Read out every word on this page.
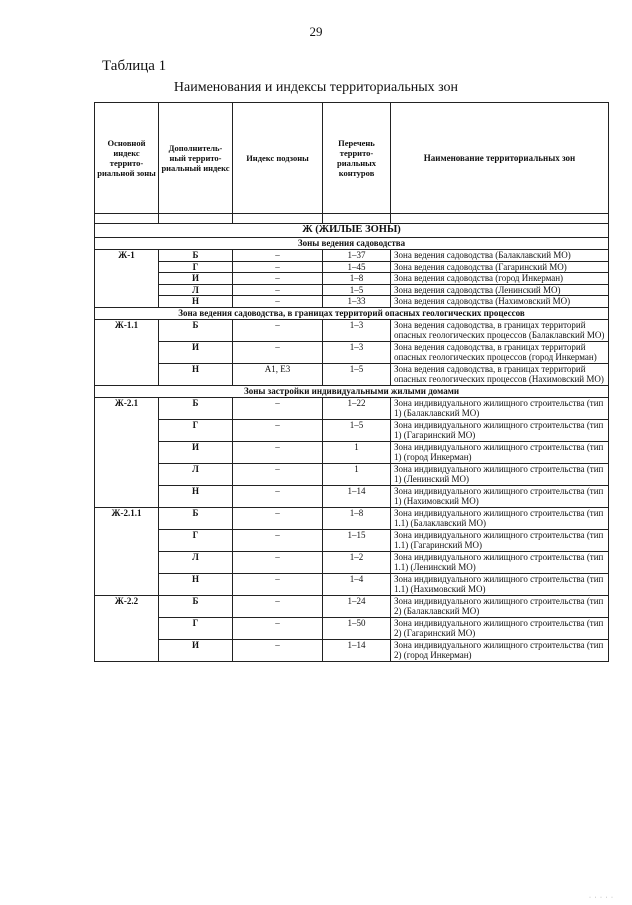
29
Таблица 1
Наименования и индексы территориальных зон
Основной индекс террито-риальной зоны	Дополнитель-ный террито-риальный индекс	Индекс подзоны	Перечень террито-риальных контуров	Наименование территориальных зон

Ж (ЖИЛЫЕ ЗОНЫ)				
Зоны ведения садоводства				
Ж-1	Б	–	1–37	Зона ведения садоводства (Балаклавский МО)
	Г	–	1–45	Зона ведения садоводства (Гагаринский МО)
	И	–	1–8	Зона ведения садоводства (город Инкерман)
	Л	–	1–5	Зона ведения садоводства (Ленинский МО)
	Н	–	1–33	Зона ведения садоводства (Нахимовский МО)
Зона ведения садоводства, в границах территорий опасных геологических процессов				
Ж-1.1	Б	–	1–3	Зона ведения садоводства, в границах территорий опасных геологических процессов (Балаклавский МО)
	И	–	1–3	Зона ведения садоводства, в границах территорий опасных геологических процессов (город Инкерман)
	Н	А1, Е3	1–5	Зона ведения садоводства, в границах территорий опасных геологических процессов (Нахимовский МО)
Зоны застройки индивидуальными жилыми домами				
Ж-2.1	Б	–	1–22	Зона индивидуального жилищного строительства (тип 1) (Балаклавский МО)
	Г	–	1–5	Зона индивидуального жилищного строительства (тип 1) (Гагаринский МО)
	И	–	1	Зона индивидуального жилищного строительства (тип 1) (город Инкерман)
	Л	–	1	Зона индивидуального жилищного строительства (тип 1) (Ленинский МО)
	Н	–	1–14	Зона индивидуального жилищного строительства (тип 1) (Нахимовский МО)
Ж-2.1.1	Б	–	1–8	Зона индивидуального жилищного строительства (тип 1.1) (Балаклавский МО)
	Г	–	1–15	Зона индивидуального жилищного строительства (тип 1.1) (Гагаринский МО)
	Л	–	1–2	Зона индивидуального жилищного строительства (тип 1.1) (Ленинский МО)
	Н	–	1–4	Зона индивидуального жилищного строительства (тип 1.1) (Нахимовский МО)
Ж-2.2	Б	–	1–24	Зона индивидуального жилищного строительства (тип 2) (Балаклавский МО)
	Г	–	1–50	Зона индивидуального жилищного строительства (тип 2) (Гагаринский МО)
	И	–	1–14	Зона индивидуального жилищного строительства (тип 2) (город Инкерман)
· · · · ·
